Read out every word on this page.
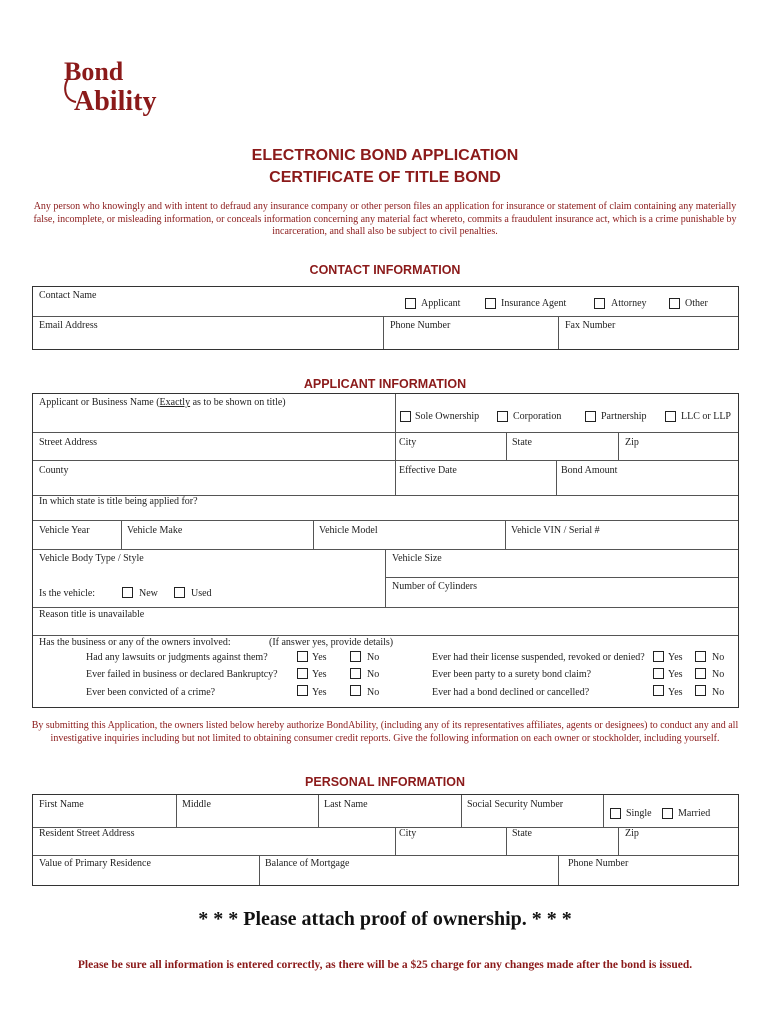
Bond
Ability
ELECTRONIC BOND APPLICATION
CERTIFICATE OF TITLE BOND
Any person who knowingly and with intent to defraud any insurance company or other person files an application for insurance or statement of claim containing any materially false, incomplete, or misleading information, or conceals information concerning any material fact whereto, commits a fraudulent insurance act, which is a crime punishable by incarceration, and shall also be subject to civil penalties.
CONTACT INFORMATION
Contact Name
Applicant	Insurance Agent	Attorney	Other
Email Address	Phone Number	Fax Number
APPLICANT INFORMATION
Applicant or Business Name (Exactly as to be shown on title)
Sole Ownership	Corporation	Partnership	LLC or LLP
Street Address	City	State	Zip
County	Effective Date	Bond Amount
In which state is title being applied for?
Vehicle Year	Vehicle Make	Vehicle Model	Vehicle VIN / Serial #
Vehicle Body Type / Style	Vehicle Size
Is the vehicle:	New	Used
Number of Cylinders
Reason title is unavailable
Has the business or any of the owners involved:	(If answer yes, provide details)
Had any lawsuits or judgments against them?	Yes	No
Ever failed in business or declared Bankruptcy?	Yes	No
Ever been convicted of a crime?	Yes	No
Ever had their license suspended, revoked or denied? Yes	No
Ever been party to a surety bond claim?	Yes	No
Ever had a bond declined or cancelled?	Yes	No
By submitting this Application, the owners listed below hereby authorize BondAbility, (including any of its representatives affiliates, agents or designees) to conduct any and all investigative inquiries including but not limited to obtaining consumer credit reports. Give the following information on each owner or stockholder, including yourself.
PERSONAL INFORMATION
First Name	Middle	Last Name	Social Security Number
Single	Married
Resident Street Address	City	State	Zip
Value of Primary Residence	Balance of Mortgage	Phone Number
* * * Please attach proof of ownership. * * *
Please be sure all information is entered correctly, as there will be a $25 charge for any changes made after the bond is issued.
